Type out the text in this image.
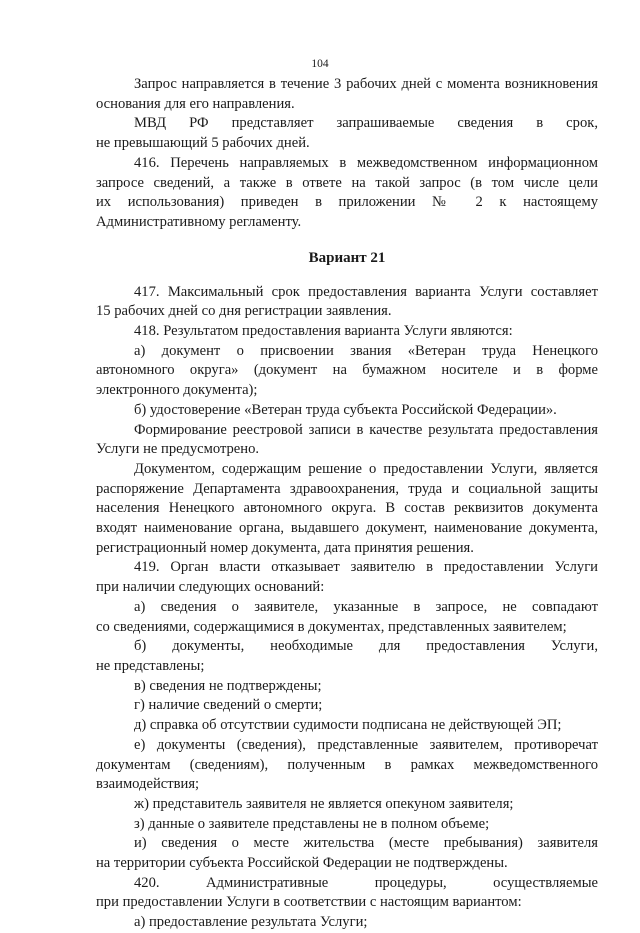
104

Запрос направляется в течение 3 рабочих дней с момента возникновения

основания для его направления.

МВД РФ представляет запрашиваемые сведения в срок,

не превышающий 5 рабочих дней.

416. Перечень направляемых в межведомственном информационном

запросе сведений, а также в ответе на такой запрос (в том числе цели

их использования) приведен в приложении № 2 к настоящему

Административному регламенту.

Вариант 21

417. Максимальный срок предоставления варианта Услуги составляет

15 рабочих дней со дня регистрации заявления.

418. Результатом предоставления варианта Услуги являются:

а) документ о присвоении звания «Ветеран труда Ненецкого

автономного округа» (документ на бумажном носителе и в форме

электронного документа);

б) удостоверение «Ветеран труда субъекта Российской Федерации».

Формирование реестровой записи в качестве результата предоставления

Услуги не предусмотрено.

Документом, содержащим решение о предоставлении Услуги, является

распоряжение Департамента здравоохранения, труда и социальной защиты

населения Ненецкого автономного округа. В состав реквизитов документа

входят наименование органа, выдавшего документ, наименование документа,

регистрационный номер документа, дата принятия решения.

419. Орган власти отказывает заявителю в предоставлении Услуги

при наличии следующих оснований:

а) сведения о заявителе, указанные в запросе, не совпадают

со сведениями, содержащимися в документах, представленных заявителем;

б) документы, необходимые для предоставления Услуги,

не представлены;

в) сведения не подтверждены;

г) наличие сведений о смерти;

д) справка об отсутствии судимости подписана не действующей ЭП;

е) документы (сведения), представленные заявителем, противоречат

документам (сведениям), полученным в рамках межведомственного

взаимодействия;

ж) представитель заявителя не является опекуном заявителя;

з) данные о заявителе представлены не в полном объеме;

и) сведения о месте жительства (месте пребывания) заявителя

на территории субъекта Российской Федерации не подтверждены.

420. Административные процедуры, осуществляемые

при предоставлении Услуги в соответствии с настоящим вариантом:

а) предоставление результата Услуги;
